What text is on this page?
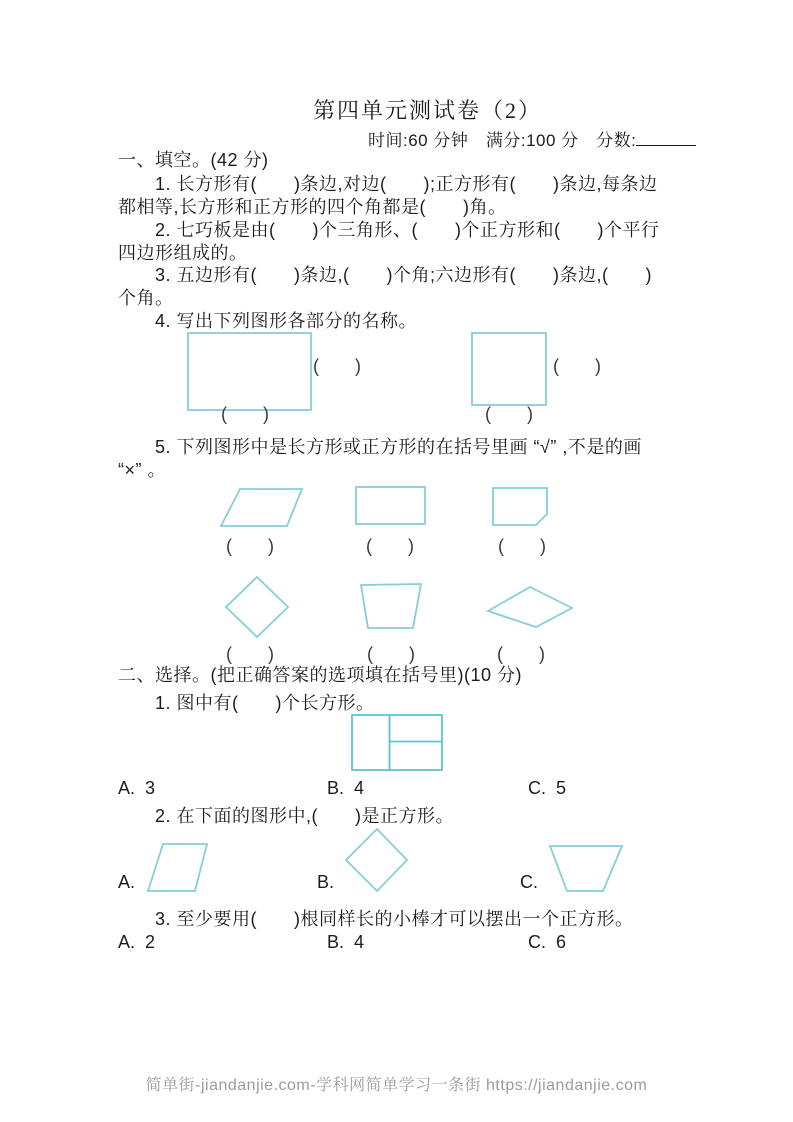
第四单元测试卷（2）
时间:60 分钟　满分:100 分　分数:
一、填空。(42 分)
1. 长方形有(　　)条边,对边(　　);正方形有(　　)条边,每条边
都相等,长方形和正方形的四个角都是(　　)角。
2. 七巧板是由(　　)个三角形、(　　)个正方形和(　　)个平行
四边形组成的。
3. 五边形有(　　)条边,(　　)个角;六边形有(　　)条边,(　　)
个角。
4. 写出下列图形各部分的名称。
(　　)
(　　)
(　　)
(　　)
5. 下列图形中是长方形或正方形的在括号里画 “√” ,不是的画
“×” 。
(　　)	(　　)	(　　)
(　　)	(　　)	(　　)
二、选择。(把正确答案的选项填在括号里)(10 分)
1. 图中有(　　)个长方形。
A.  3	B.  4	C.  5
2. 在下面的图形中,(　　)是正方形。
A.	B.	C.
3. 至少要用(　　)根同样长的小棒才可以摆出一个正方形。
A.  2	B.  4	C.  6
简单街-jiandanjie.com-学科网简单学习一条街 https://jiandanjie.com
